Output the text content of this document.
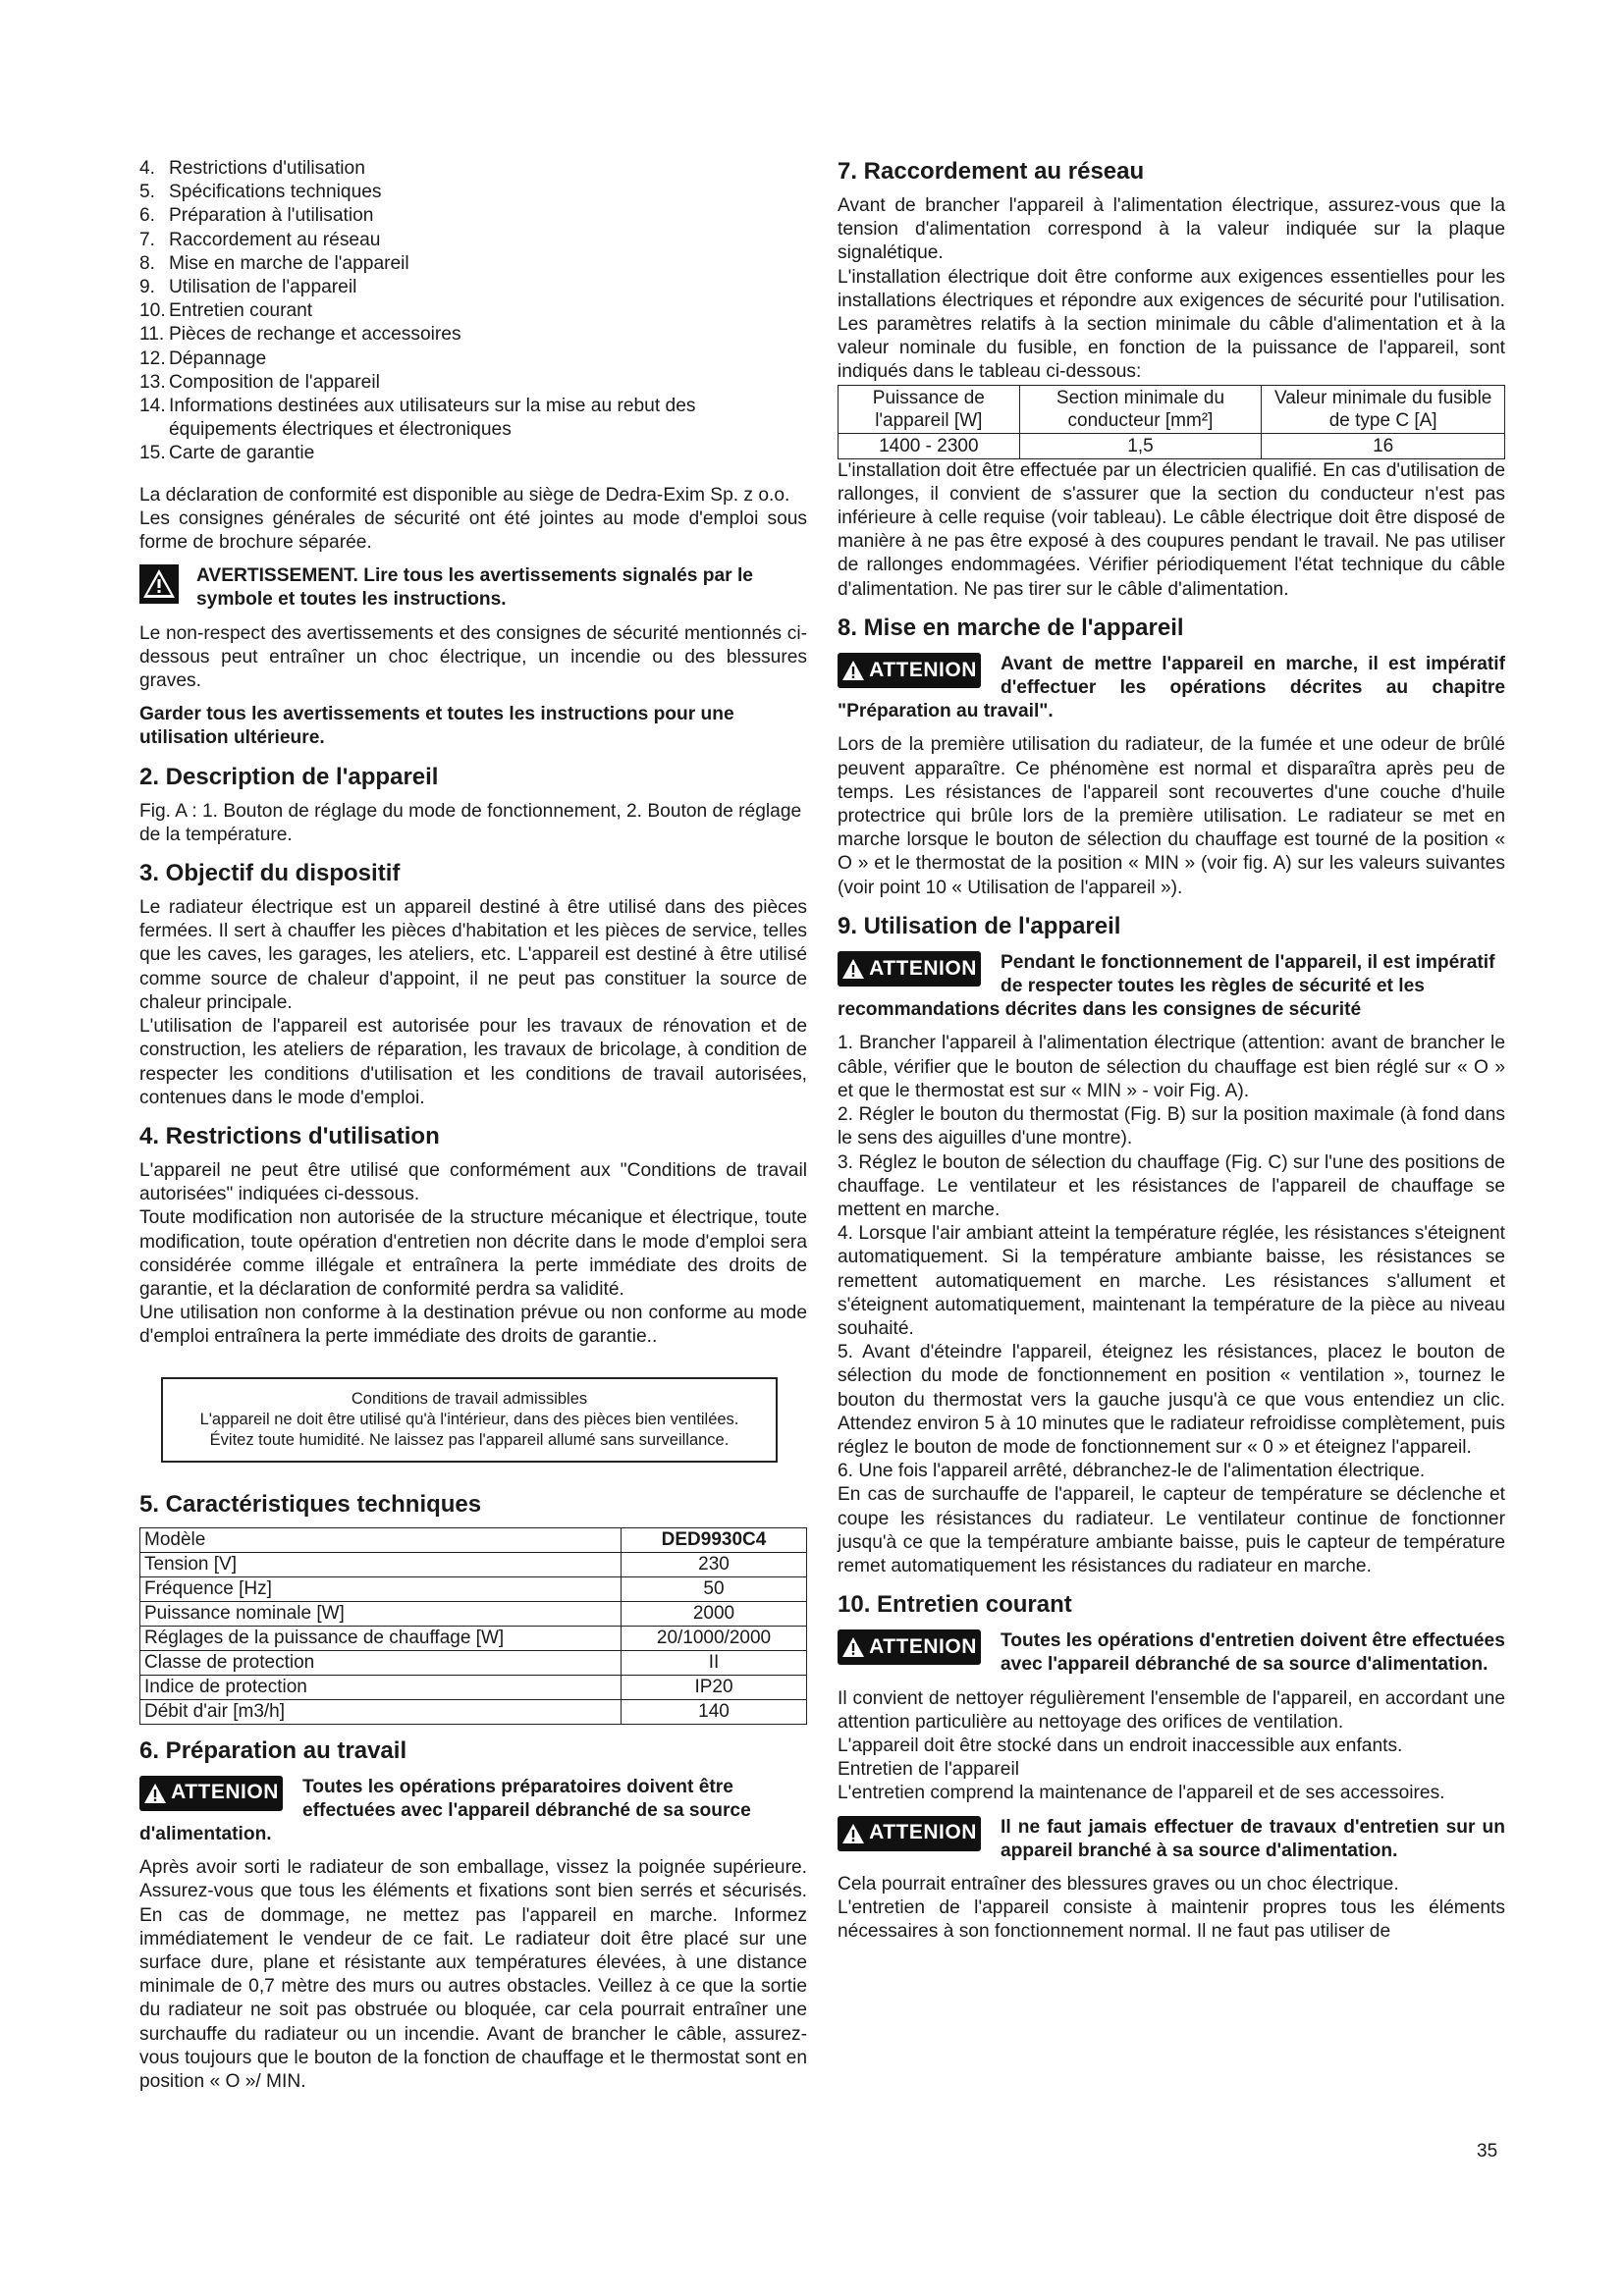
4. Restrictions d'utilisation
5. Spécifications techniques
6. Préparation à l'utilisation
7. Raccordement au réseau
8. Mise en marche de l'appareil
9. Utilisation de l'appareil
10. Entretien courant
11. Pièces de rechange et accessoires
12. Dépannage
13. Composition de l'appareil
14. Informations destinées aux utilisateurs sur la mise au rebut des équipements électriques et électroniques
15. Carte de garantie

La déclaration de conformité est disponible au siège de Dedra-Exim Sp. z o.o.

Les consignes générales de sécurité ont été jointes au mode d'emploi sous forme de brochure séparée.

AVERTISSEMENT. Lire tous les avertissements signalés par le symbole et toutes les instructions.

Le non-respect des avertissements et des consignes de sécurité mentionnés ci-dessous peut entraîner un choc électrique, un incendie ou des blessures graves.

Garder tous les avertissements et toutes les instructions pour une utilisation ultérieure.

2. Description de l'appareil

Fig. A : 1. Bouton de réglage du mode de fonctionnement, 2. Bouton de réglage de la température.

3. Objectif du dispositif

Le radiateur électrique est un appareil destiné à être utilisé dans des pièces fermées. Il sert à chauffer les pièces d'habitation et les pièces de service, telles que les caves, les garages, les ateliers, etc. L'appareil est destiné à être utilisé comme source de chaleur d'appoint, il ne peut pas constituer la source de chaleur principale.

L'utilisation de l'appareil est autorisée pour les travaux de rénovation et de construction, les ateliers de réparation, les travaux de bricolage, à condition de respecter les conditions d'utilisation et les conditions de travail autorisées, contenues dans le mode d'emploi.

4. Restrictions d'utilisation

L'appareil ne peut être utilisé que conformément aux "Conditions de travail autorisées" indiquées ci-dessous.

Toute modification non autorisée de la structure mécanique et électrique, toute modification, toute opération d'entretien non décrite dans le mode d'emploi sera considérée comme illégale et entraînera la perte immédiate des droits de garantie, et la déclaration de conformité perdra sa validité.

Une utilisation non conforme à la destination prévue ou non conforme au mode d'emploi entraînera la perte immédiate des droits de garantie..

Conditions de travail admissibles
L'appareil ne doit être utilisé qu'à l'intérieur, dans des pièces bien ventilées. Évitez toute humidité. Ne laissez pas l'appareil allumé sans surveillance.
5. Caractéristiques techniques
Modèle	DED9930C4
Tension [V]	230
Fréquence [Hz]	50
Puissance nominale [W]	2000
Réglages de la puissance de chauffage [W]	20/1000/2000
Classe de protection	II
Indice de protection	IP20
Débit d'air [m3/h]	140
6. Préparation au travail
ATTENION	Toutes les opérations préparatoires doivent être effectuées avec l'appareil débranché de sa source d'alimentation.

Après avoir sorti le radiateur de son emballage, vissez la poignée supérieure. Assurez-vous que tous les éléments et fixations sont bien serrés et sécurisés. En cas de dommage, ne mettez pas l'appareil en marche. Informez immédiatement le vendeur de ce fait. Le radiateur doit être placé sur une surface dure, plane et résistante aux températures élevées, à une distance minimale de 0,7 mètre des murs ou autres obstacles. Veillez à ce que la sortie du radiateur ne soit pas obstruée ou bloquée, car cela pourrait entraîner une surchauffe du radiateur ou un incendie. Avant de brancher le câble, assurez-vous toujours que le bouton de la fonction de chauffage et le thermostat sont en position « O »/ MIN.

7. Raccordement au réseau

Avant de brancher l'appareil à l'alimentation électrique, assurez-vous que la tension d'alimentation correspond à la valeur indiquée sur la plaque signalétique.

L'installation électrique doit être conforme aux exigences essentielles pour les installations électriques et répondre aux exigences de sécurité pour l'utilisation. Les paramètres relatifs à la section minimale du câble d'alimentation et à la valeur nominale du fusible, en fonction de la puissance de l'appareil, sont indiqués dans le tableau ci-dessous:

Puissance de l'appareil [W]	Section minimale du conducteur [mm²]	Valeur minimale du fusible de type C [A]
1400 - 2300	1,5	16

L'installation doit être effectuée par un électricien qualifié. En cas d'utilisation de rallonges, il convient de s'assurer que la section du conducteur n'est pas inférieure à celle requise (voir tableau). Le câble électrique doit être disposé de manière à ne pas être exposé à des coupures pendant le travail. Ne pas utiliser de rallonges endommagées. Vérifier périodiquement l'état technique du câble d'alimentation. Ne pas tirer sur le câble d'alimentation.

8. Mise en marche de l'appareil
ATTENION	Avant de mettre l'appareil en marche, il est impératif d'effectuer les opérations décrites au chapitre "Préparation au travail".

Lors de la première utilisation du radiateur, de la fumée et une odeur de brûlé peuvent apparaître. Ce phénomène est normal et disparaîtra après peu de temps. Les résistances de l'appareil sont recouvertes d'une couche d'huile protectrice qui brûle lors de la première utilisation. Le radiateur se met en marche lorsque le bouton de sélection du chauffage est tourné de la position « O » et le thermostat de la position « MIN » (voir fig. A) sur les valeurs suivantes (voir point 10 « Utilisation de l'appareil »).

9. Utilisation de l'appareil
ATTENION	Pendant le fonctionnement de l'appareil, il est impératif de respecter toutes les règles de sécurité et les recommandations décrites dans les consignes de sécurité

1. Brancher l'appareil à l'alimentation électrique (attention: avant de brancher le câble, vérifier que le bouton de sélection du chauffage est bien réglé sur « O » et que le thermostat est sur « MIN » - voir Fig. A).

2. Régler le bouton du thermostat (Fig. B) sur la position maximale (à fond dans le sens des aiguilles d'une montre).

3. Réglez le bouton de sélection du chauffage (Fig. C) sur l'une des positions de chauffage. Le ventilateur et les résistances de l'appareil de chauffage se mettent en marche.

4. Lorsque l'air ambiant atteint la température réglée, les résistances s'éteignent automatiquement. Si la température ambiante baisse, les résistances se remettent automatiquement en marche. Les résistances s'allument et s'éteignent automatiquement, maintenant la température de la pièce au niveau souhaité.

5. Avant d'éteindre l'appareil, éteignez les résistances, placez le bouton de sélection du mode de fonctionnement en position « ventilation », tournez le bouton du thermostat vers la gauche jusqu'à ce que vous entendiez un clic. Attendez environ 5 à 10 minutes que le radiateur refroidisse complètement, puis réglez le bouton de mode de fonctionnement sur « 0 » et éteignez l'appareil.

6. Une fois l'appareil arrêté, débranchez-le de l'alimentation électrique.

En cas de surchauffe de l'appareil, le capteur de température se déclenche et coupe les résistances du radiateur. Le ventilateur continue de fonctionner jusqu'à ce que la température ambiante baisse, puis le capteur de température remet automatiquement les résistances du radiateur en marche.

10. Entretien courant
ATTENION	Toutes les opérations d'entretien doivent être effectuées avec l'appareil débranché de sa source d'alimentation.

Il convient de nettoyer régulièrement l'ensemble de l'appareil, en accordant une attention particulière au nettoyage des orifices de ventilation.

L'appareil doit être stocké dans un endroit inaccessible aux enfants.

Entretien de l'appareil

L'entretien comprend la maintenance de l'appareil et de ses accessoires.

ATTENION	Il ne faut jamais effectuer de travaux d'entretien sur un appareil branché à sa source d'alimentation.

Cela pourrait entraîner des blessures graves ou un choc électrique.

L'entretien de l'appareil consiste à maintenir propres tous les éléments nécessaires à son fonctionnement normal. Il ne faut pas utiliser de

35
